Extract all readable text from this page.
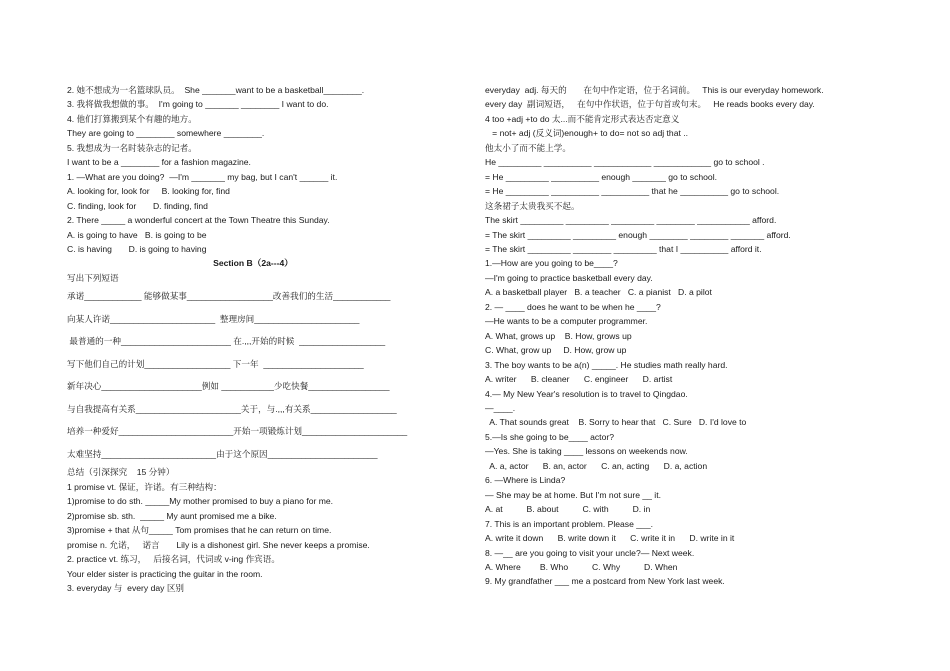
2. 她不想成为一名篮球队员。  She _______want to be a basketball________.
3. 我将做我想做的事。  I'm going to _______ ________ I want to do.
4. 他们打算搬到某个有趣的地方。
They are going to ________ somewhere ________.
5. 我想成为一名时装杂志的记者。
I want to be a ________ for a fashion magazine.
1. —What are you doing?  —I'm _______ my bag, but I can't ______ it.
A. looking for, look for     B. looking for, find
C. finding, look for       D. finding, find
2. There _____ a wonderful concert at the Town Theatre this Sunday.
A. is going to have   B. is going to be
C. is having       D. is going to having
Section B（2a---4）
写出下列短语
承诺____________ 能够做某事__________________改善我们的生活____________
向某人许诺______________________  整理房间______________________
最普通的一种_______________________ 在.,,,开始的时候  __________________
写下他们自己的计划__________________ 下一年  _____________________
新年决心_____________________例如 ___________少吃快餐_________________
与自我提高有关系______________________关于，与.,,,有关系__________________
培养一种爱好________________________开始一项锻炼计划______________________
太难坚持________________________由于这个原因_______________________
总结（引深探究    15 分钟）
1 promise vt. 保证，许诺。有三种结构：
1)promise to do sth. _____My mother promised to buy a piano for me.
2)promise sb. sth.  _____ My aunt promised me a bike.
3)promise + that 从句_____ Tom promises that he can return on time.
promise n. 允诺，   诺言       Lily is a dishonest girl. She never keeps a promise.
2. practice vt. 练习，   后接名词，代词或 v-ing 作宾语。
Your elder sister is practicing the guitar in the room.
3. everyday 与  every day 区别
everyday  adj. 每天的       在句中作定语，位于名词前。   This is our everyday homework.
every day  副词短语，   在句中作状语，位于句首或句末。   He reads books every day.
4 too +adj +to do 太...而不能肯定形式表达否定意义
= not+ adj (反义词)enough+ to do= not so adj that ..
他太小了而不能上学。
He _________ __________ ____________ ____________ go to school .
= He _________ __________ enough _______ go to school.
= He _________ __________ __________ that he __________ go to school.
这条裙子太贵我买不起。
The skirt _________ _________ _________ ________ ___________ afford.
= The skirt _________ _________ enough ________ ________ _______ afford.
= The skirt _________ ________ _________ that I __________ afford it.
1.—How are you going to be____?
—I'm going to practice basketball every day.
A. a basketball player   B. a teacher   C. a pianist   D. a pilot
2. — ____ does he want to be when he ____?
—He wants to be a computer programmer.
A. What, grows up    B. How, grows up
C. What, grow up     D. How, grow up
3. The boy wants to be a(n) _____. He studies math really hard.
A. writer      B. cleaner      C. engineer      D. artist
4.— My New Year's resolution is to travel to Qingdao.
—____.
A. That sounds great    B. Sorry to hear that   C. Sure   D. I'd love to
5.—Is she going to be____ actor?
—Yes. She is taking ____ lessons on weekends now.
A. a, actor      B. an, actor      C. an, acting      D. a, action
6. —Where is Linda?
— She may be at home. But I'm not sure __ it.
A. at          B. about          C. with          D. in
7. This is an important problem. Please ___.
A. write it down      B. write down it      C. write it in      D. write in it
8. —__ are you going to visit your uncle?— Next week.
A. Where        B. Who          C. Why          D. When
9. My grandfather ___ me a postcard from New York last week.
